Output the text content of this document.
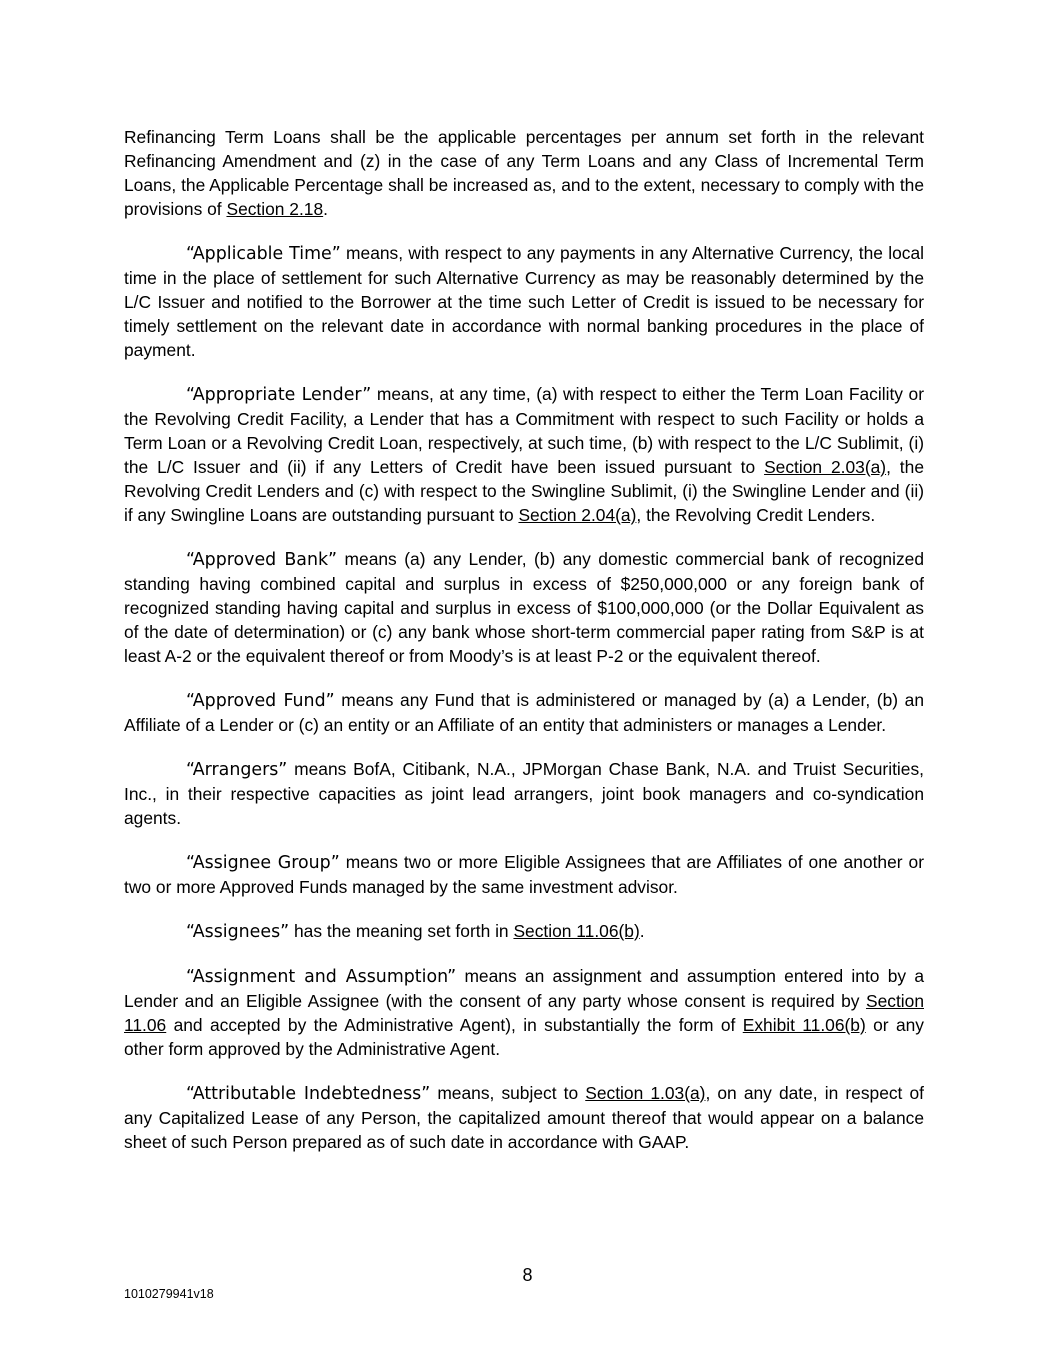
Refinancing Term Loans shall be the applicable percentages per annum set forth in the relevant Refinancing Amendment and (z) in the case of any Term Loans and any Class of Incremental Term Loans, the Applicable Percentage shall be increased as, and to the extent, necessary to comply with the provisions of Section 2.18.

“Applicable Time” means, with respect to any payments in any Alternative Currency, the local time in the place of settlement for such Alternative Currency as may be reasonably determined by the L/C Issuer and notified to the Borrower at the time such Letter of Credit is issued to be necessary for timely settlement on the relevant date in accordance with normal banking procedures in the place of payment.

“Appropriate Lender” means, at any time, (a) with respect to either the Term Loan Facility or the Revolving Credit Facility, a Lender that has a Commitment with respect to such Facility or holds a Term Loan or a Revolving Credit Loan, respectively, at such time, (b) with respect to the L/C Sublimit, (i) the L/C Issuer and (ii) if any Letters of Credit have been issued pursuant to Section 2.03(a), the Revolving Credit Lenders and (c) with respect to the Swingline Sublimit, (i) the Swingline Lender and (ii) if any Swingline Loans are outstanding pursuant to Section 2.04(a), the Revolving Credit Lenders.

“Approved Bank” means (a) any Lender, (b) any domestic commercial bank of recognized standing having combined capital and surplus in excess of $250,000,000 or any foreign bank of recognized standing having capital and surplus in excess of $100,000,000 (or the Dollar Equivalent as of the date of determination) or (c) any bank whose short-term commercial paper rating from S&P is at least A-2 or the equivalent thereof or from Moody’s is at least P-2 or the equivalent thereof.

“Approved Fund” means any Fund that is administered or managed by (a) a Lender, (b) an Affiliate of a Lender or (c) an entity or an Affiliate of an entity that administers or manages a Lender.

“Arrangers” means BofA, Citibank, N.A., JPMorgan Chase Bank, N.A. and Truist Securities, Inc., in their respective capacities as joint lead arrangers, joint book managers and co-syndication agents.

“Assignee Group” means two or more Eligible Assignees that are Affiliates of one another or two or more Approved Funds managed by the same investment advisor.

“Assignees” has the meaning set forth in Section 11.06(b).

“Assignment and Assumption” means an assignment and assumption entered into by a Lender and an Eligible Assignee (with the consent of any party whose consent is required by Section 11.06 and accepted by the Administrative Agent), in substantially the form of Exhibit 11.06(b) or any other form approved by the Administrative Agent.

“Attributable Indebtedness” means, subject to Section 1.03(a), on any date, in respect of any Capitalized Lease of any Person, the capitalized amount thereof that would appear on a balance sheet of such Person prepared as of such date in accordance with GAAP.

8
1010279941v18
